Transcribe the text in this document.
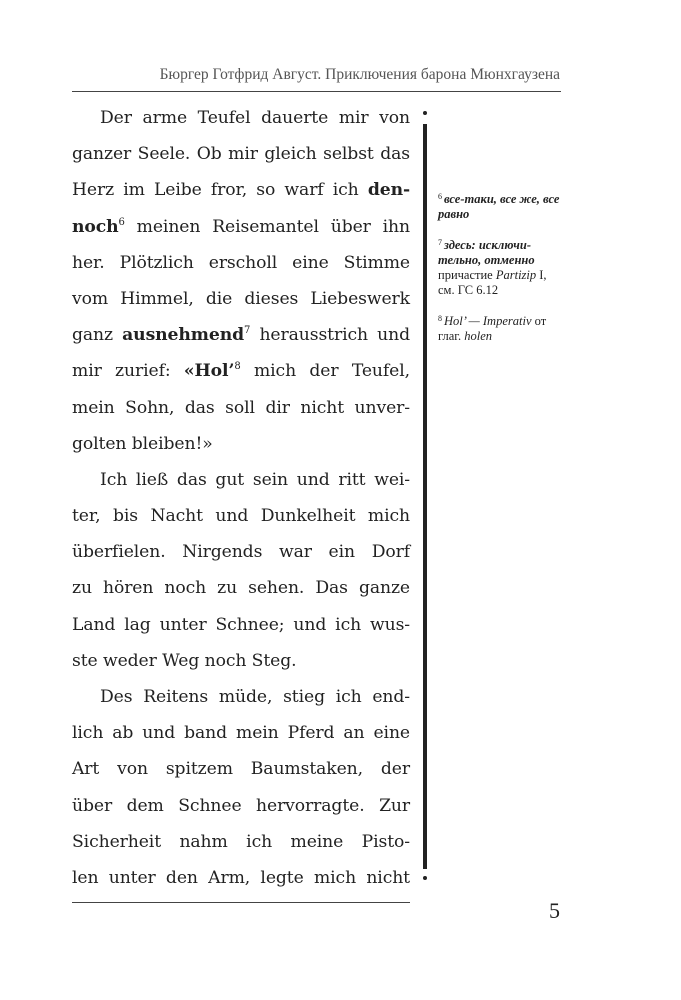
Бюргер Готфрид Август. Приключения барона Мюнхгаузена
Der arme Teufel dauerte mir von
ganzer Seele. Ob mir gleich selbst das
Herz im Leibe fror, so warf ich den-
noch$^6$ meinen Reisemantel über ihn
her. Plötzlich erscholl eine Stimme
vom Himmel, die dieses Liebeswerk
ganz ausnehmend$^7$ herausstrich und
mir zurief: «Hol’$^8$ mich der Teufel,
mein Sohn, das soll dir nicht unver-
golten bleiben!»
Ich ließ das gut sein und ritt wei-
ter, bis Nacht und Dunkelheit mich
überfielen. Nirgends war ein Dorf
zu hören noch zu sehen. Das ganze
Land lag unter Schnee; und ich wus-
ste weder Weg noch Steg.
Des Reitens müde, stieg ich end-
lich ab und band mein Pferd an eine
Art von spitzem Baumstaken, der
über dem Schnee hervorragte. Zur
Sicherheit nahm ich meine Pisto-
len unter den Arm, legte mich nicht
$^6$ все-таки, все же, все равно
$^7$ здесь: исключи-тельно, отменно причастие Partizip I, см. ГС 6.12
$^8$ Hol’ — Imperativ от глаг. holen
5
